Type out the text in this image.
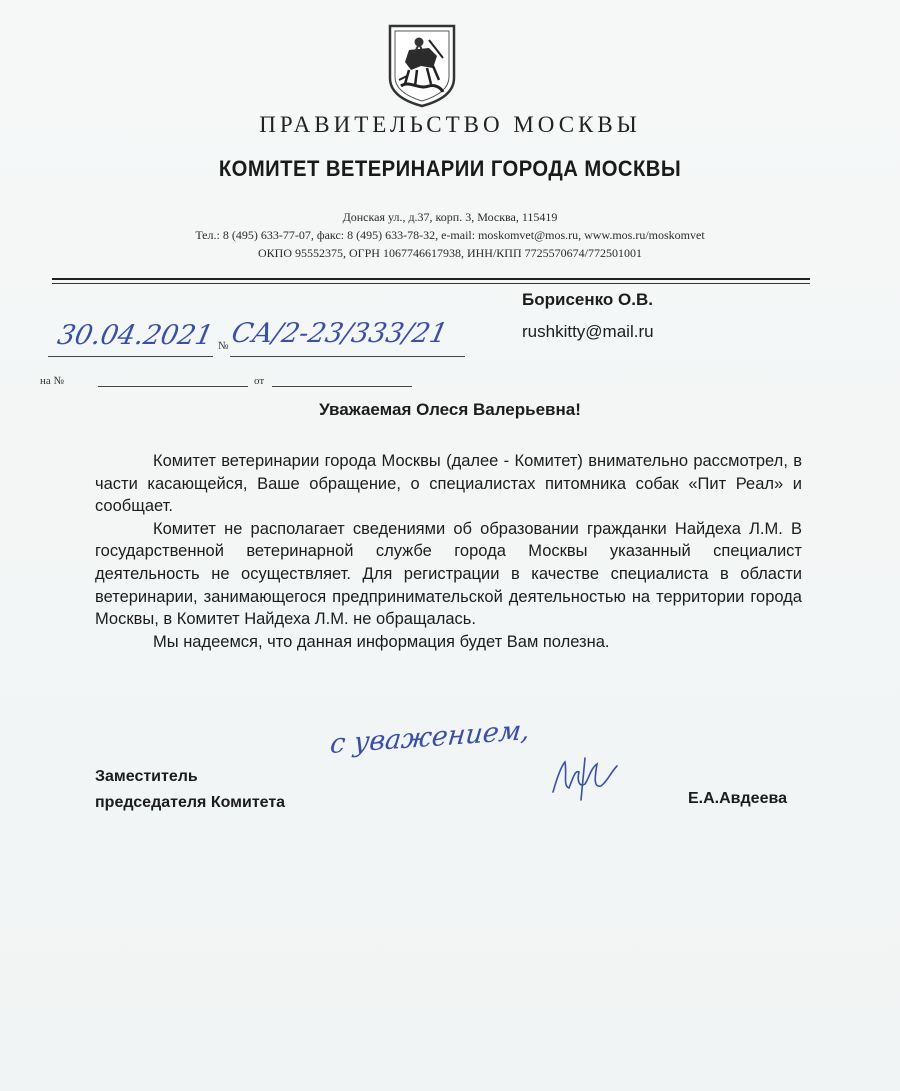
ПРАВИТЕЛЬСТВО МОСКВЫ
КОМИТЕТ ВЕТЕРИНАРИИ ГОРОДА МОСКВЫ
Донская ул., д.37, корп. 3, Москва, 115419
Тел.: 8 (495) 633-77-07, факс: 8 (495) 633-78-32, e-mail: moskomvet@mos.ru, www.mos.ru/moskomvet
ОКПО 95552375, ОГРН 1067746617938, ИНН/КПП 7725570674/772501001
Борисенко О.В.
rushkitty@mail.ru
30.04.2021 № СА/2-23/333/21
на №	от
Уважаемая Олеся Валерьевна!

Комитет ветеринарии города Москвы (далее - Комитет) внимательно рассмотрел, в части касающейся, Ваше обращение, о специалистах питомника собак «Пит Реал» и сообщает.

Комитет не располагает сведениями об образовании гражданки Найдеха Л.М. В государственной ветеринарной службе города Москвы указанный специалист деятельность не осуществляет. Для регистрации в качестве специалиста в области ветеринарии, занимающегося предпринимательской деятельностью на территории города Москвы, в Комитет Найдеха Л.М. не обращалась.

Мы надеемся, что данная информация будет Вам полезна.

с уважением,
Заместитель
председателя Комитета	Е.А.Авдеева
